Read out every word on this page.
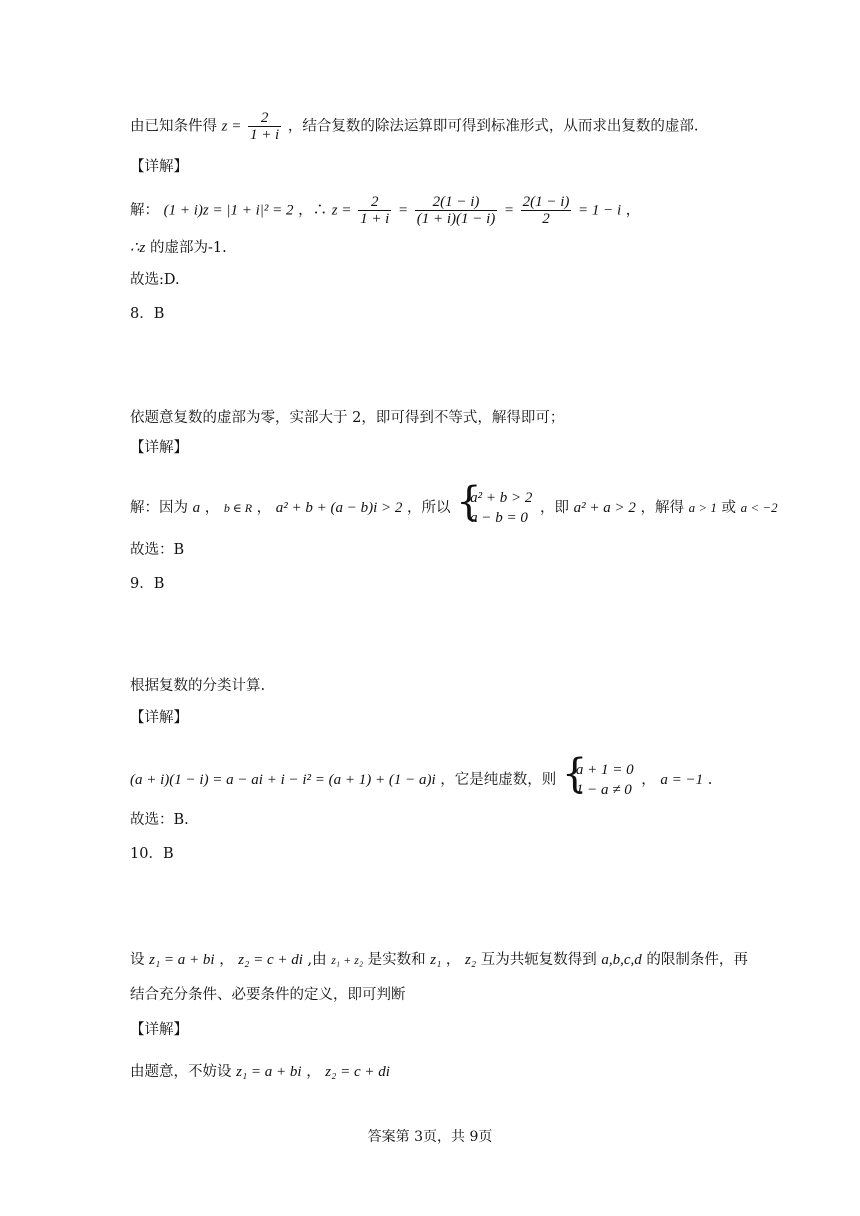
由已知条件得 $z = \frac{2}{1 + i}$ ，结合复数的除法运算即可得到标准形式，从而求出复数的虚部.
【详解】
解： (1 + i)z = |1 + i|² = 2 ，∴ $z = \frac{2}{1 + i} = \frac{2(1 - i)}{(1 + i)(1 - i)} = \frac{2(1 - i)}{2} = 1 - i$ ，
∴z 的虚部为-1.
故选:D.
8．B
依题意复数的虚部为零，实部大于 2，即可得到不等式，解得即可；
【详解】
解：因为 a ， b ∈ R ， a² + b + (a − b)i > 2 ，所以
{ a² + b > 2
a − b = 0
，即 a² + a > 2 ，解得 a > 1 或 a < −2
故选：B
9．B
根据复数的分类计算.
【详解】
(a + i)(1 − i) = a − ai + i − i² = (a + 1) + (1 − a)i ，它是纯虚数，则
{ a + 1 = 0
1 − a ≠ 0
， a = −1 .
故选：B.
10．B
设 z₁ = a + bi ， z₂ = c + di ,由 z₁ + z₂ 是实数和 z₁ ， z₂ 互为共轭复数得到 a,b,c,d 的限制条件，再
结合充分条件、必要条件的定义，即可判断
【详解】
由题意，不妨设 z₁ = a + bi ， z₂ = c + di
答案第 3页，共 9页
